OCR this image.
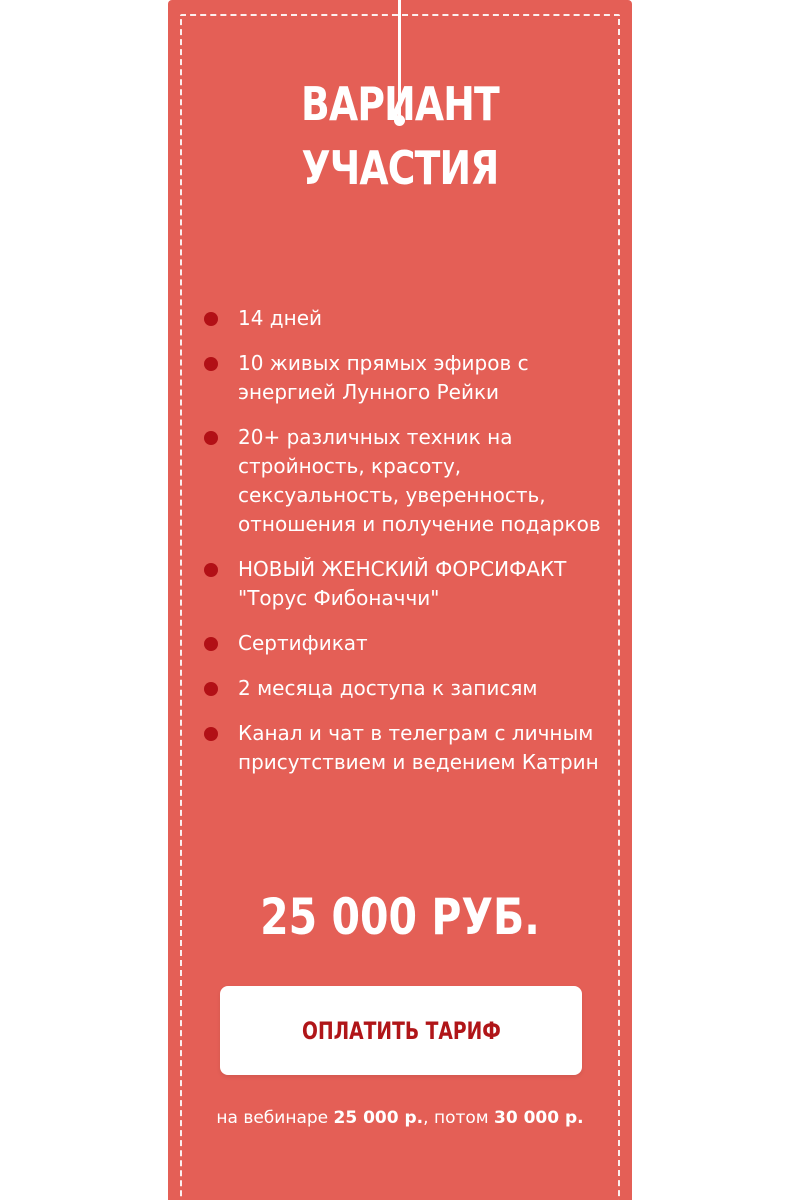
ВАРИАНТ УЧАСТИЯ
14 дней
10 живых прямых эфиров с энергией Лунного Рейки
20+ различных техник на стройность, красоту, сексуальность, уверенность, отношения и получение подарков
НОВЫЙ ЖЕНСКИЙ ФОРСИФАКТ "Торус Фибоначчи"
Сертификат
2 месяца доступа к записям
Канал и чат в телеграм с личным присутствием и ведением Катрин
25 000 РУБ.
ОПЛАТИТЬ ТАРИФ
на вебинаре 25 000 р., потом 30 000 р.
